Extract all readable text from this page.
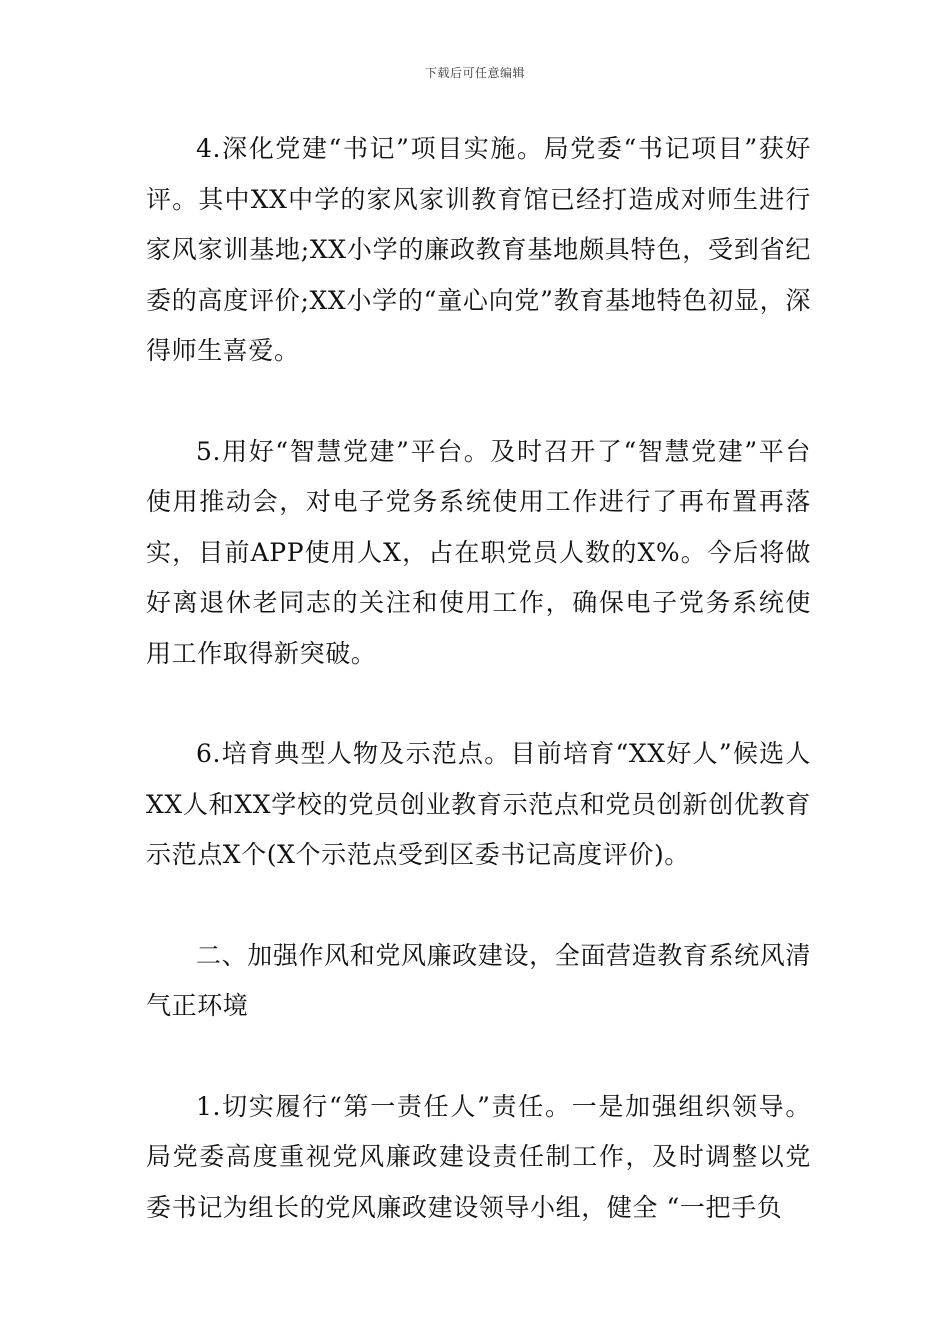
下载后可任意编辑

4.深化党建“书记”项目实施。局党委“书记项目”获好评。其中XX中学的家风家训教育馆已经打造成对师生进行家风家训基地;XX小学的廉政教育基地颇具特色，受到省纪委的高度评价;XX小学的“童心向党”教育基地特色初显，深得师生喜爱。

5.用好“智慧党建”平台。及时召开了“智慧党建”平台使用推动会，对电子党务系统使用工作进行了再布置再落实，目前APP使用人X，占在职党员人数的X%。今后将做好离退休老同志的关注和使用工作，确保电子党务系统使用工作取得新突破。

6.培育典型人物及示范点。目前培育“XX好人”候选人XX人和XX学校的党员创业教育示范点和党员创新创优教育示范点X个(X个示范点受到区委书记高度评价)。

二、加强作风和党风廉政建设，全面营造教育系统风清气正环境

1.切实履行“第一责任人”责任。一是加强组织领导。局党委高度重视党风廉政建设责任制工作，及时调整以党委书记为组长的党风廉政建设领导小组，健全 “一把手负
